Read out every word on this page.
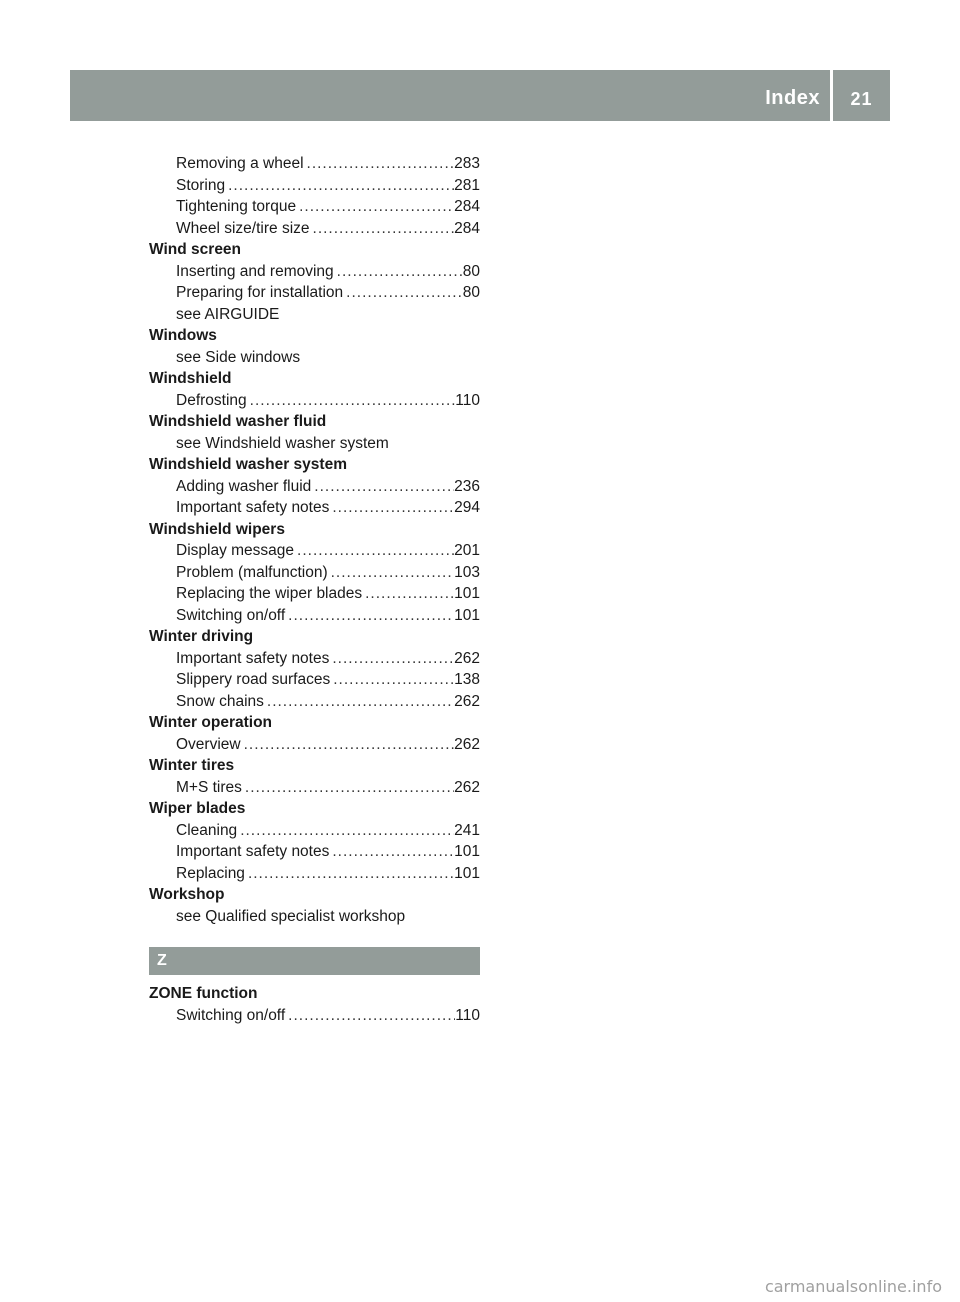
Index	21
Removing a wheel .....	283
Storing .....	281
Tightening torque .....	284
Wheel size/tire size .....	284
Wind screen
Inserting and removing .....	80
Preparing for installation .....	80
see AIRGUIDE
Windows
see Side windows
Windshield
Defrosting .....	110
Windshield washer fluid
see Windshield washer system
Windshield washer system
Adding washer fluid .....	236
Important safety notes .....	294
Windshield wipers
Display message .....	201
Problem (malfunction) .....	103
Replacing the wiper blades .....	101
Switching on/off .....	101
Winter driving
Important safety notes .....	262
Slippery road surfaces .....	138
Snow chains .....	262
Winter operation
Overview .....	262
Winter tires
M+S tires .....	262
Wiper blades
Cleaning .....	241
Important safety notes .....	101
Replacing .....	101
Workshop
see Qualified specialist workshop
Z
ZONE function
Switching on/off .....	110
carmanualsonline.info
